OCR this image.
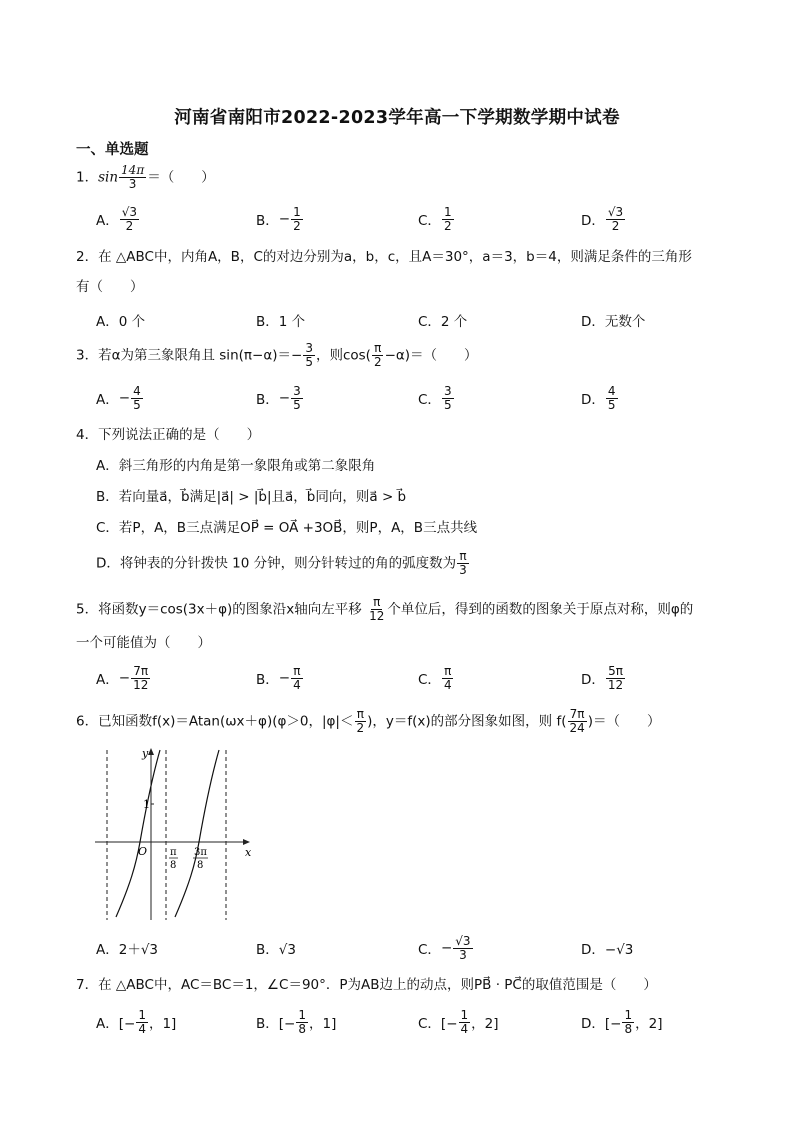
河南省南阳市2022-2023学年高一下学期数学期中试卷
一、单选题
1．$\sin \frac{14\pi}{3}$ ＝（　　）
A． $\frac{√3}{2}$	B． − $\frac{1}{2}$	C． $\frac{1}{2}$	D． $\frac{√3}{2}$
2．在 △ABC中，内角A，B，C的对边分别为a，b，c，且A＝30°，a＝3，b＝4，则满足条件的三角形
有（　　）
A．0 个	B．1 个	C．2 个	D．无数个
3．若α为第三象限角且 $\sin(\pi-\alpha)=- \frac{3}{5}$ ，则$\cos( \frac{\pi}{2} -\alpha)=$（　　）
A． − $\frac{4}{5}$	B． − $\frac{3}{5}$	C． $\frac{3}{5}$	D． $\frac{4}{5}$
4．下列说法正确的是（　　）
A．斜三角形的内角是第一象限角或第二象限角
B．若向量a⃗，b⃗满足|a⃗| > |b⃗|且a⃗，b⃗同向，则a⃗ > b⃗
C．若P，A，B三点满足OP⃗ = OA⃗ +3OB⃗，则P，A，B三点共线
D．将钟表的分针拨快 10 分钟，则分针转过的角的弧度数为 $\frac{\pi}{3}$
5．将函数y＝cos(3x＋φ)的图象沿x轴向左平移 $\frac{\pi}{12}$ 个单位后，得到的函数的图象关于原点对称，则φ的
一个可能值为（　　）
A． − $\frac{7\pi}{12}$	B． − $\frac{\pi}{4}$	C． $\frac{\pi}{4}$	D． $\frac{5\pi}{12}$
6．已知函数f(x)＝Atan(ωx＋φ)(φ＞0，$|\varphi|< \frac{\pi}{2}$ )，y＝f(x)的部分图象如图，则 $f( \frac{7\pi}{24}$ )＝（　　）
y
x
O
1
π
8
3π
8
A．2＋√3	B．√3	C． − $\frac{√3}{3}$	D．−√3
7．在 △ABC中，AC＝BC＝1，∠C＝90°．P为AB边上的动点，则PB⃗ · PC⃗的取值范围是（　　）
A．[− $\frac{1}{4}$ ，1]	B．[− $\frac{1}{8}$ ，1]	C．[− $\frac{1}{4}$ ，2]	D．[− $\frac{1}{8}$ ，2]
